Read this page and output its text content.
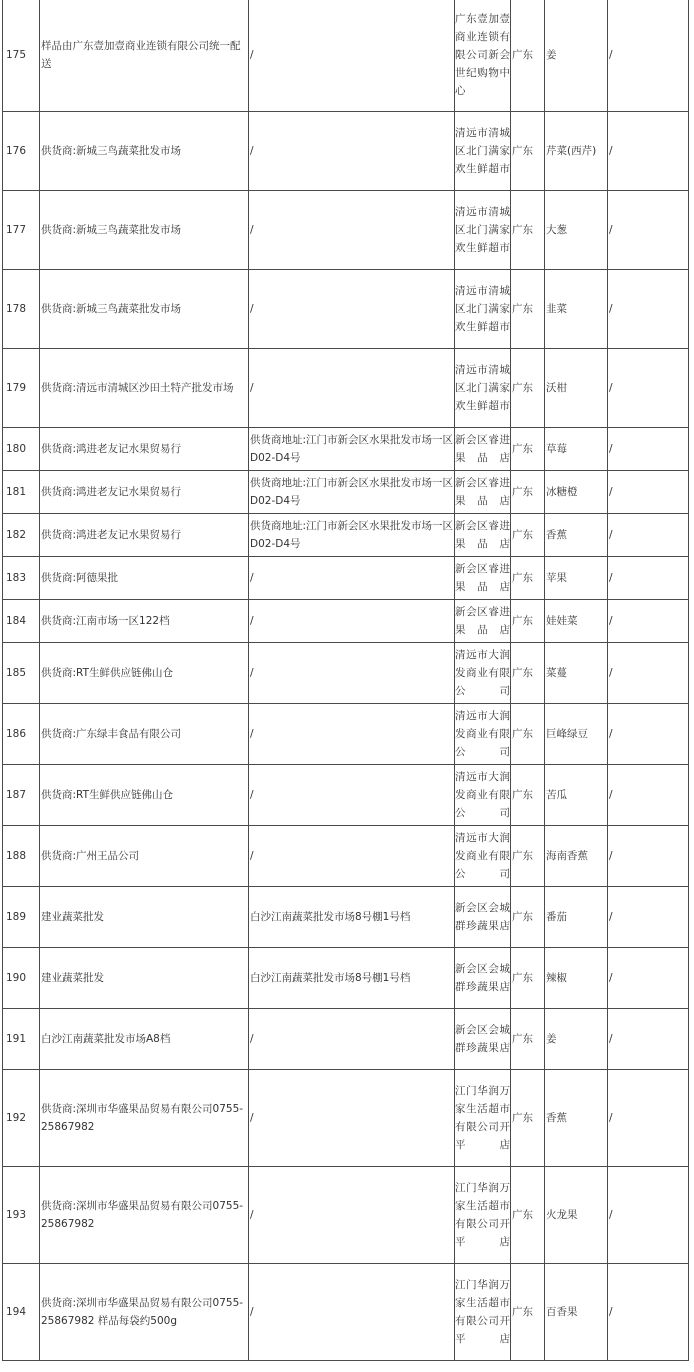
175	样品由广东壹加壹商业连锁有限公司统一配送	/	广东壹加壹商业连锁有限公司新会世纪购物中心	广东	姜	/
176	供货商:新城三鸟蔬菜批发市场	/	清远市清城区北门满家欢生鲜超市	广东	芹菜(西芹)	/
177	供货商:新城三鸟蔬菜批发市场	/	清远市清城区北门满家欢生鲜超市	广东	大葱	/
178	供货商:新城三鸟蔬菜批发市场	/	清远市清城区北门满家欢生鲜超市	广东	韭菜	/
179	供货商:清远市清城区沙田土特产批发市场	/	清远市清城区北门满家欢生鲜超市	广东	沃柑	/
180	供货商:鸿进老友记水果贸易行	供货商地址:江门市新会区水果批发市场一区D02-D4号	新会区睿进果品店	广东	草莓	/
181	供货商:鸿进老友记水果贸易行	供货商地址:江门市新会区水果批发市场一区D02-D4号	新会区睿进果品店	广东	冰糖橙	/
182	供货商:鸿进老友记水果贸易行	供货商地址:江门市新会区水果批发市场一区D02-D4号	新会区睿进果品店	广东	香蕉	/
183	供货商:阿德果批	/	新会区睿进果品店	广东	苹果	/
184	供货商:江南市场一区122档	/	新会区睿进果品店	广东	娃娃菜	/
185	供货商:RT生鲜供应链佛山仓	/	清远市大润发商业有限公司	广东	菜蔓	/
186	供货商:广东绿丰食品有限公司	/	清远市大润发商业有限公司	广东	巨峰绿豆	/
187	供货商:RT生鲜供应链佛山仓	/	清远市大润发商业有限公司	广东	苦瓜	/
188	供货商:广州王品公司	/	清远市大润发商业有限公司	广东	海南香蕉	/
189	建业蔬菜批发	白沙江南蔬菜批发市场8号棚1号档	新会区会城群珍蔬果店	广东	番茄	/
190	建业蔬菜批发	白沙江南蔬菜批发市场8号棚1号档	新会区会城群珍蔬果店	广东	辣椒	/
191	白沙江南蔬菜批发市场A8档	/	新会区会城群珍蔬果店	广东	姜	/
192	供货商:深圳市华盛果品贸易有限公司0755-25867982	/	江门华润万家生活超市有限公司开平店	广东	香蕉	/
193	供货商:深圳市华盛果品贸易有限公司0755-25867982	/	江门华润万家生活超市有限公司开平店	广东	火龙果	/
194	供货商:深圳市华盛果品贸易有限公司0755-25867982 样品每袋约500g	/	江门华润万家生活超市有限公司开平店	广东	百香果	/
